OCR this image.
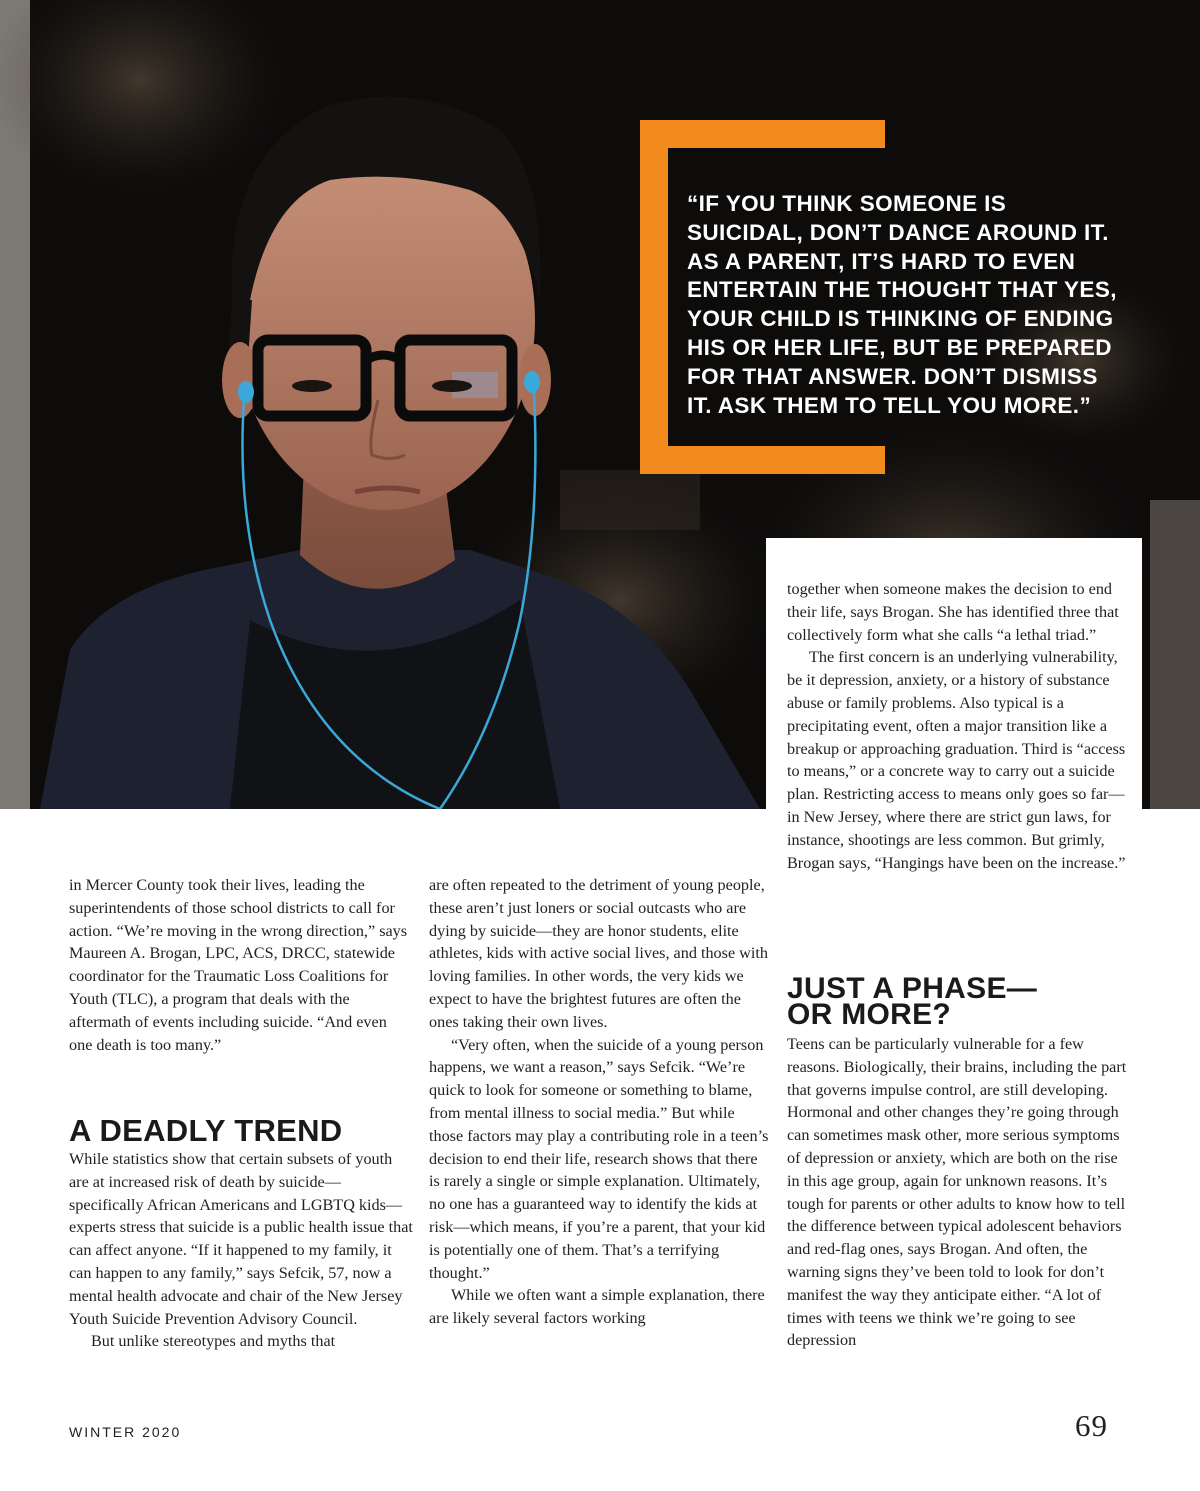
“IF YOU THINK SOMEONE IS SUICIDAL, DON’T DANCE AROUND IT. AS A PARENT, IT’S HARD TO EVEN ENTERTAIN THE THOUGHT THAT YES, YOUR CHILD IS THINKING OF ENDING HIS OR HER LIFE, BUT BE PREPARED FOR THAT ANSWER. DON’T DISMISS IT. ASK THEM TO TELL YOU MORE.”

in Mercer County took their lives, leading the superintendents of those school districts to call for action. “We’re moving in the wrong direction,” says Maureen A. Brogan, LPC, ACS, DRCC, statewide coordinator for the Traumatic Loss Coalitions for Youth (TLC), a program that deals with the aftermath of events including suicide. “And even one death is too many.”

A DEADLY TREND

While statistics show that certain subsets of youth are at increased risk of death by suicide—specifically African Americans and LGBTQ kids—experts stress that suicide is a public health issue that can affect anyone. “If it happened to my family, it can happen to any family,” says Sefcik, 57, now a mental health advocate and chair of the New Jersey Youth Suicide Prevention Advisory Council.

But unlike stereotypes and myths that

are often repeated to the detriment of young people, these aren’t just loners or social outcasts who are dying by suicide—they are honor students, elite athletes, kids with active social lives, and those with loving families. In other words, the very kids we expect to have the brightest futures are often the ones taking their own lives.

“Very often, when the suicide of a young person happens, we want a reason,” says Sefcik. “We’re quick to look for someone or something to blame, from mental illness to social media.” But while those factors may play a contributing role in a teen’s decision to end their life, research shows that there is rarely a single or simple explanation. Ultimately, no one has a guaranteed way to identify the kids at risk—which means, if you’re a parent, that your kid is potentially one of them. That’s a terrifying thought.”

While we often want a simple explanation, there are likely several factors working

together when someone makes the decision to end their life, says Brogan. She has identified three that collectively form what she calls “a lethal triad.”

The first concern is an underlying vulnerability, be it depression, anxiety, or a history of substance abuse or family problems. Also typical is a precipitating event, often a major transition like a breakup or approaching graduation. Third is “access to means,” or a concrete way to carry out a suicide plan. Restricting access to means only goes so far—in New Jersey, where there are strict gun laws, for instance, shootings are less common. But grimly, Brogan says, “Hangings have been on the increase.”

JUST A PHASE—
OR MORE?

Teens can be particularly vulnerable for a few reasons. Biologically, their brains, including the part that governs impulse control, are still developing. Hormonal and other changes they’re going through can sometimes mask other, more serious symptoms of depression or anxiety, which are both on the rise in this age group, again for unknown reasons. It’s tough for parents or other adults to know how to tell the difference between typical adolescent behaviors and red-flag ones, says Brogan. And often, the warning signs they’ve been told to look for don’t manifest the way they anticipate either. “A lot of times with teens we think we’re going to see depression

WINTER 2020	69
